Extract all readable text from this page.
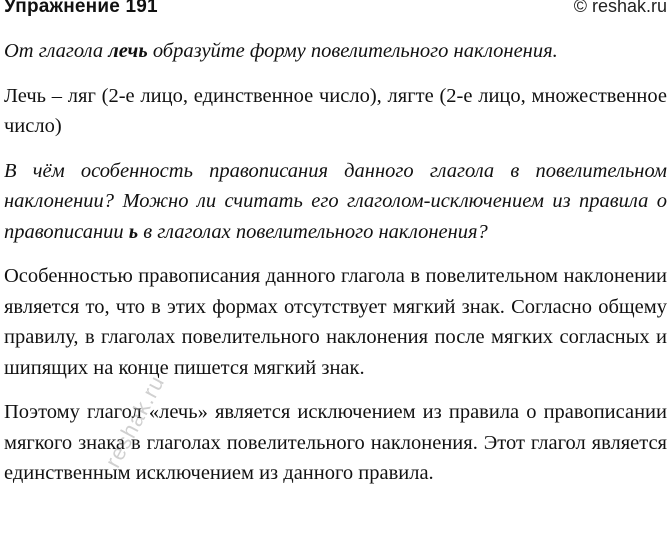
Упражнение 191	© reshak.ru

От глагола лечь образуйте форму повелительного наклонения.

Лечь – ляг (2-е лицо, единственное число), лягте (2-е лицо, множественное число)

В чём особенность правописания данного глагола в повелительном наклонении? Можно ли считать его глаголом-исключением из правила о правописании ь в глаголах повелительного наклонения?

Особенностью правописания данного глагола в повелительном наклонении является то, что в этих формах отсутствует мягкий знак. Согласно общему правилу, в глаголах повелительного наклонения после мягких согласных и шипящих на конце пишется мягкий знак.

Поэтому глагол «лечь» является исключением из правила о правописании мягкого знака в глаголах повелительного наклонения. Этот глагол является единственным исключением из данного правила.

reshak.ru
